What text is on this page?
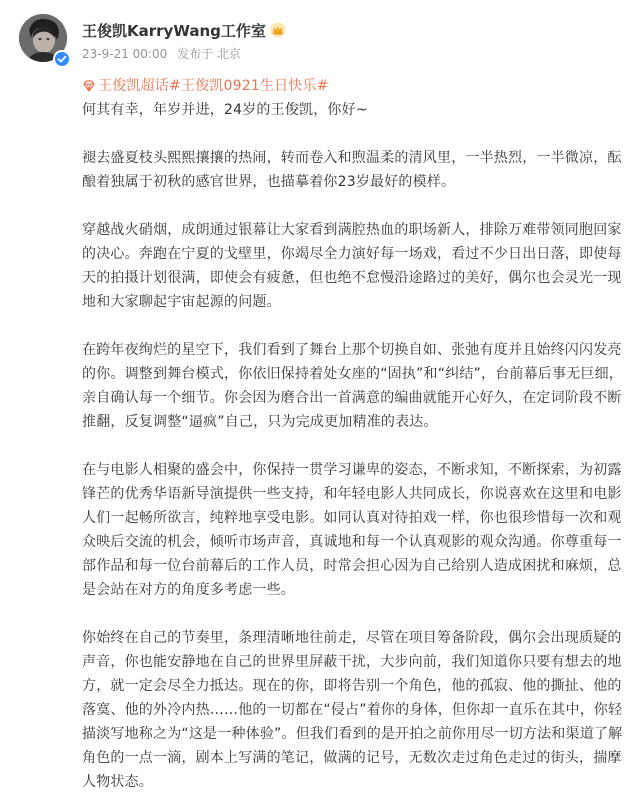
王俊凯KarryWang工作室
23-9-21 00:00 发布于 北京
王俊凯超话 #王俊凯0921生日快乐#

何其有幸，年岁并进，24岁的王俊凯，你好~

褪去盛夏枝头熙熙攘攘的热闹，转而卷入和煦温柔的清风里，一半热烈，一半微凉，酝酿着独属于初秋的感官世界，也描摹着你23岁最好的模样。

穿越战火硝烟，成朗通过银幕让大家看到满腔热血的职场新人，排除万难带领同胞回家的决心。奔跑在宁夏的戈壁里，你竭尽全力演好每一场戏，看过不少日出日落，即使每天的拍摄计划很满，即使会有疲惫，但也绝不怠慢沿途路过的美好，偶尔也会灵光一现地和大家聊起宇宙起源的问题。

在跨年夜绚烂的星空下，我们看到了舞台上那个切换自如、张弛有度并且始终闪闪发亮的你。调整到舞台模式，你依旧保持着处女座的“固执”和“纠结”，台前幕后事无巨细，亲自确认每一个细节。你会因为磨合出一首满意的编曲就能开心好久，在定词阶段不断推翻，反复调整“逼疯”自己，只为完成更加精准的表达。

在与电影人相聚的盛会中，你保持一贯学习谦卑的姿态，不断求知，不断探索，为初露锋芒的优秀华语新导演提供一些支持，和年轻电影人共同成长，你说喜欢在这里和电影人们一起畅所欲言，纯粹地享受电影。如同认真对待拍戏一样，你也很珍惜每一次和观众映后交流的机会，倾听市场声音，真诚地和每一个认真观影的观众沟通。你尊重每一部作品和每一位台前幕后的工作人员，时常会担心因为自己给别人造成困扰和麻烦，总是会站在对方的角度多考虑一些。

你始终在自己的节奏里，条理清晰地往前走，尽管在项目筹备阶段，偶尔会出现质疑的声音，你也能安静地在自己的世界里屏蔽干扰，大步向前，我们知道你只要有想去的地方，就一定会尽全力抵达。现在的你，即将告别一个角色，他的孤寂、他的撕扯、他的落寞、他的外冷内热……他的一切都在“侵占”着你的身体，但你却一直乐在其中，你轻描淡写地称之为“这是一种体验”。但我们看到的是开拍之前你用尽一切方法和渠道了解角色的一点一滴，剧本上写满的笔记，做满的记号，无数次走过角色走过的街头，揣摩人物状态。
